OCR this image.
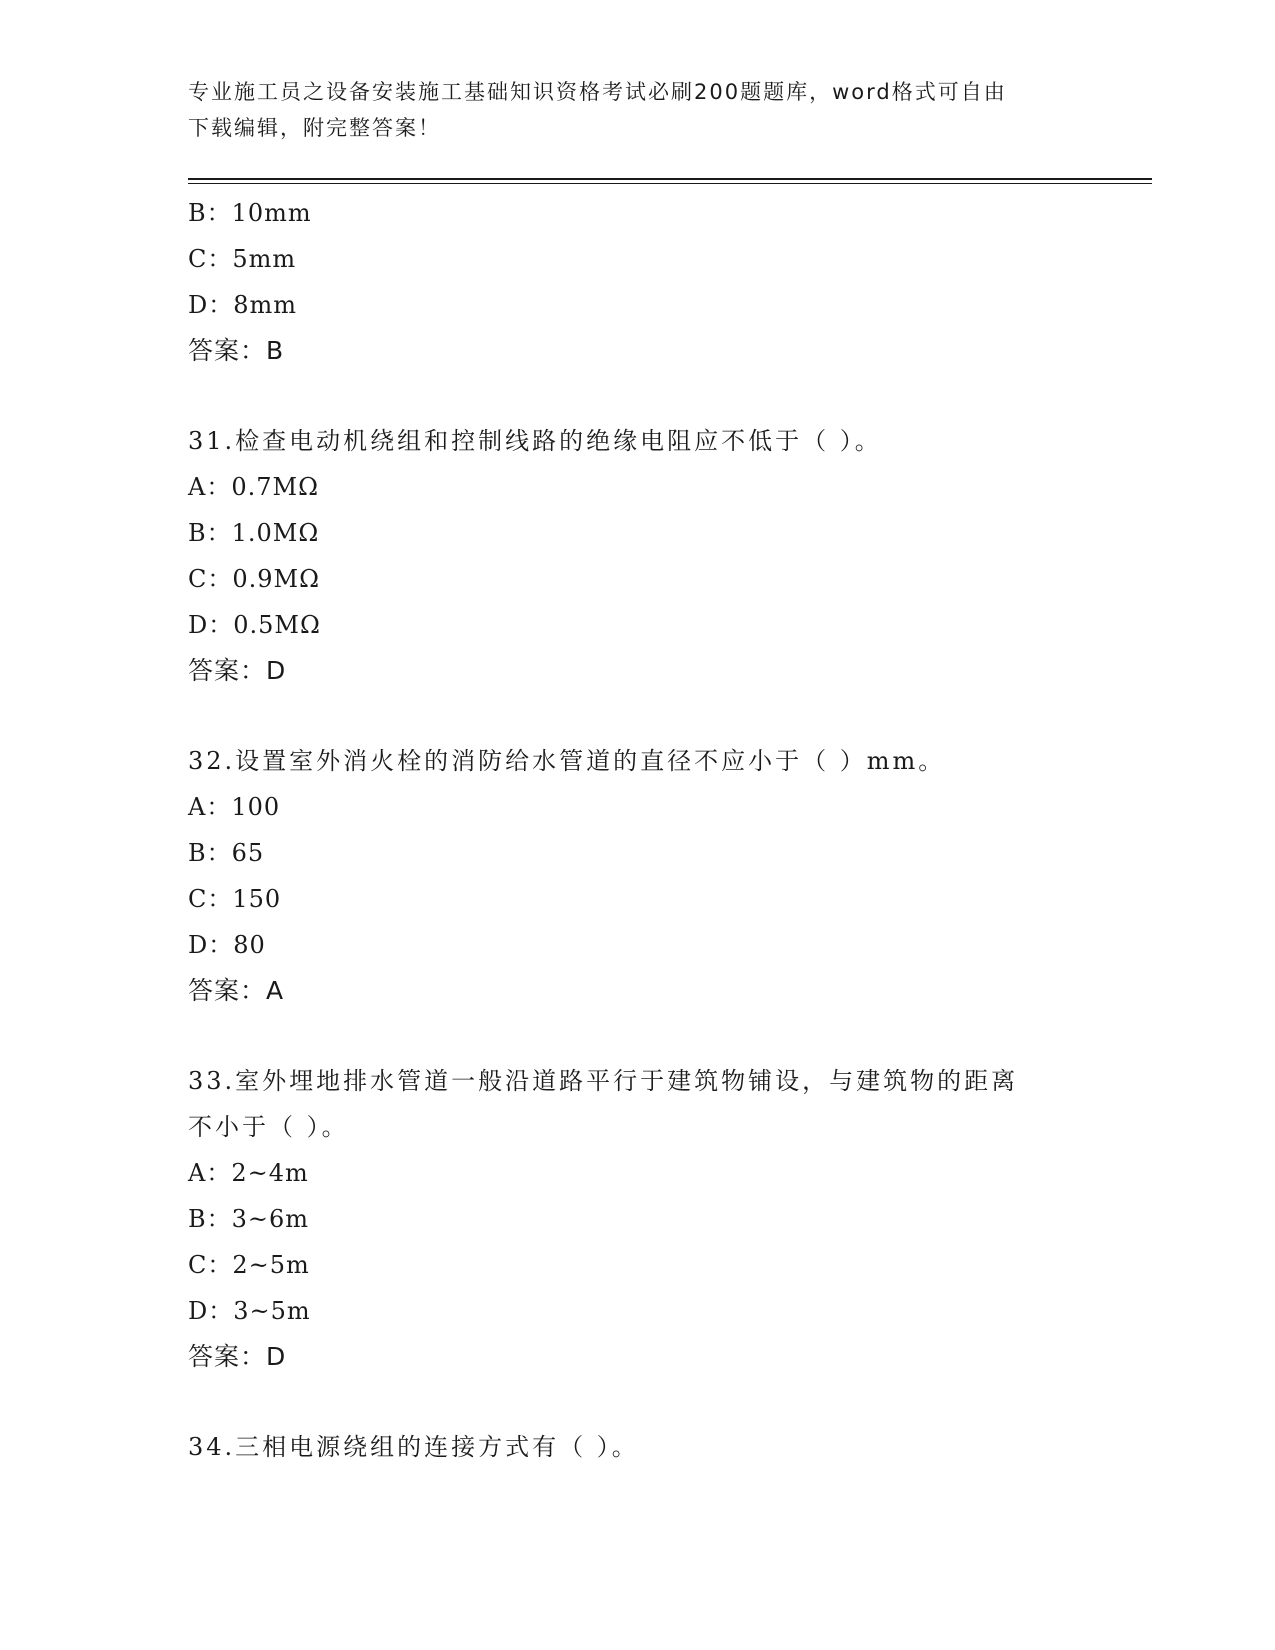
专业施工员之设备安装施工基础知识资格考试必刷200题题库，word格式可自由
下载编辑，附完整答案！
B：10mm
C：5mm
D：8mm
答案：B
31.检查电动机绕组和控制线路的绝缘电阻应不低于（ ）。
A：0.7MΩ
B：1.0MΩ
C：0.9MΩ
D：0.5MΩ
答案：D
32.设置室外消火栓的消防给水管道的直径不应小于（ ）mm。
A：100
B：65
C：150
D：80
答案：A
33.室外埋地排水管道一般沿道路平行于建筑物铺设，与建筑物的距离
不小于（ ）。
A：2~4m
B：3~6m
C：2~5m
D：3~5m
答案：D
34.三相电源绕组的连接方式有（ ）。
